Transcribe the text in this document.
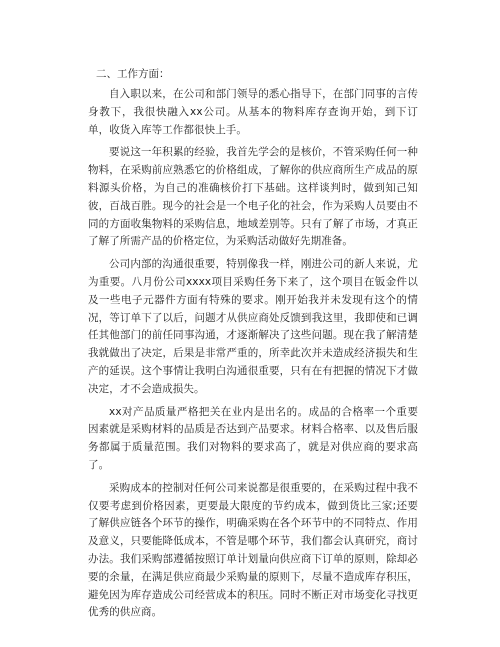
二、工作方面：

自入职以来，在公司和部门领导的悉心指导下，在部门同事的言传身教下，我很快融入xx公司。从基本的物料库存查询开始，到下订单，收货入库等工作都很快上手。

要说这一年积累的经验，我首先学会的是核价，不管采购任何一种物料，在采购前应熟悉它的价格组成，了解你的供应商所生产成品的原料源头价格，为自己的准确核价打下基础。这样谈判时，做到知己知彼，百战百胜。现今的社会是一个电子化的社会，作为采购人员要由不同的方面收集物料的采购信息，地域差别等。只有了解了市场，才真正了解了所需产品的价格定位，为采购活动做好先期准备。

公司内部的沟通很重要，特别像我一样，刚进公司的新人来说，尤为重要。八月份公司xxxx项目采购任务下来了，这个项目在钣金件以及一些电子元器件方面有特殊的要求。刚开始我并未发现有这个的情况，等订单下了以后，问题才从供应商处反馈到我这里，我即使和已调任其他部门的前任同事沟通，才逐渐解决了这些问题。现在我了解清楚我就做出了决定，后果是非常严重的，所幸此次并未造成经济损失和生产的延误。这个事情让我明白沟通很重要，只有在有把握的情况下才做决定，才不会造成损失。

xx对产品质量严格把关在业内是出名的。成品的合格率一个重要因素就是采购材料的品质是否达到产品要求。材料合格率、以及售后服务都属于质量范围。我们对物料的要求高了，就是对供应商的要求高了。

采购成本的控制对任何公司来说都是很重要的，在采购过程中我不仅要考虑到价格因素，更要最大限度的节约成本，做到货比三家;还要了解供应链各个环节的操作，明确采购在各个环节中的不同特点、作用及意义，只要能降低成本，不管是哪个环节，我们都会认真研究，商讨办法。我们采购部遵循按照订单计划量向供应商下订单的原则，除却必要的余量，在满足供应商最少采购量的原则下，尽量不造成库存积压，避免因为库存造成公司经营成本的积压。同时不断正对市场变化寻找更优秀的供应商。
